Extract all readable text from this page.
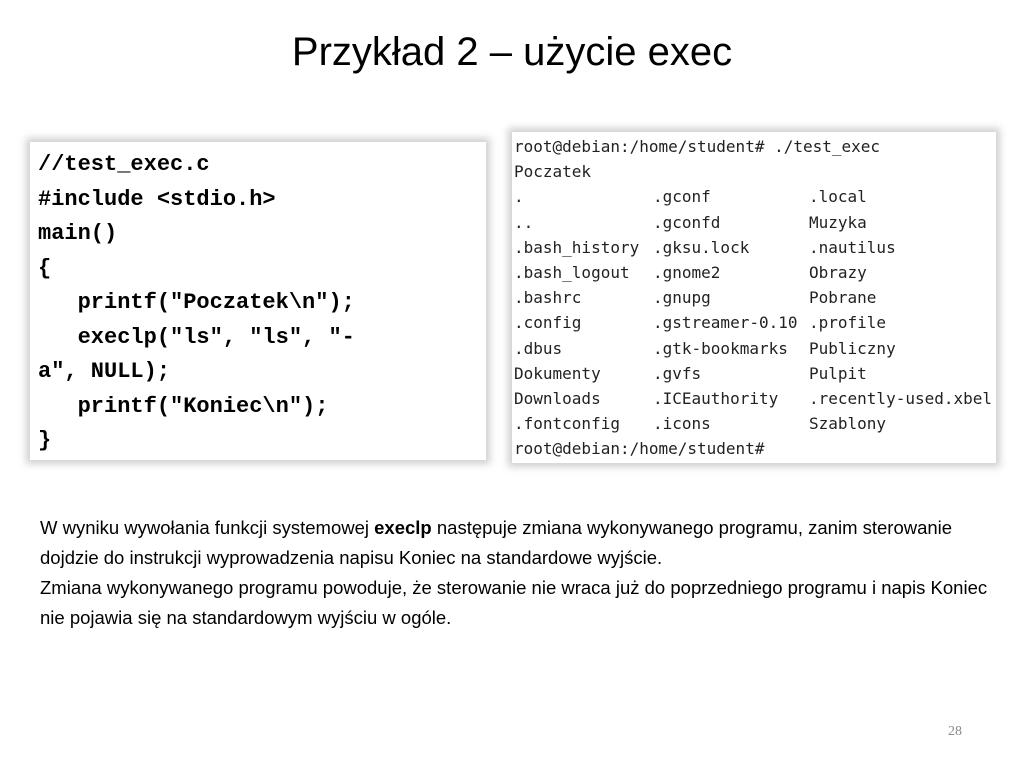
Przykład 2 – użycie exec
//test_exec.c
#include <stdio.h>
main()
{
printf("Poczatek\n");
execlp("ls", "ls", "-
a", NULL);
printf("Koniec\n");
}
root@debian:/home/student# ./test_exec
Poczatek
.	.gconf	.local
..	.gconfd	Muzyka
.bash_history .gksu.lock	.nautilus
.bash_logout	.gnome2	Obrazy
.bashrc	.gnupg	Pobrane
.config	.gstreamer-0.10 .profile
.dbus	.gtk-bookmarks	Publiczny
Dokumenty	.gvfs	Pulpit
Downloads	.ICEauthority	.recently-used.xbel
.fontconfig	.icons	Szablony
root@debian:/home/student#

W wyniku wywołania funkcji systemowej execlp następuje zmiana wykonywanego programu, zanim sterowanie dojdzie do instrukcji wyprowadzenia napisu Koniec na standardowe wyjście.

Zmiana wykonywanego programu powoduje, że sterowanie nie wraca już do poprzedniego programu i napis Koniec nie pojawia się na standardowym wyjściu w ogóle.

28
